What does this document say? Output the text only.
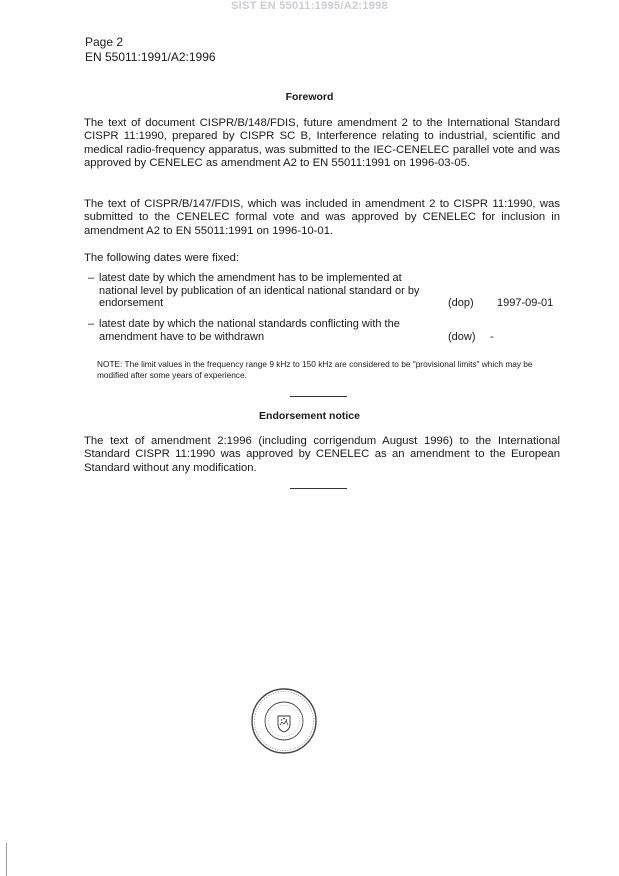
SIST EN 55011:1995/A2:1998
Page 2
EN 55011:1991/A2:1996
Foreword
The text of document CISPR/B/148/FDIS, future amendment 2 to the International Standard CISPR 11:1990, prepared by CISPR SC B, Interference relating to industrial, scientific and medical radio-frequency apparatus, was submitted to the IEC-CENELEC parallel vote and was approved by CENELEC as amendment A2 to EN 55011:1991 on 1996-03-05.
The text of CISPR/B/147/FDIS, which was included in amendment 2 to CISPR 11:1990, was submitted to the CENELEC formal vote and was approved by CENELEC for inclusion in amendment A2 to EN 55011:1991 on 1996-10-01.
The following dates were fixed:
– latest date by which the amendment has to be implemented at national level by publication of an identical national standard or by endorsement	(dop) 1997-09-01
– latest date by which the national standards conflicting with the amendment have to be withdrawn	(dow) -
NOTE: The limit values in the frequency range 9 kHz to 150 kHz are considered to be "provisional limits" which may be modified after some years of experience.
Endorsement notice
The text of amendment 2:1996 (including corrigendum August 1996) to the International Standard CISPR 11:1990 was approved by CENELEC as an amendment to the European Standard without any modification.
